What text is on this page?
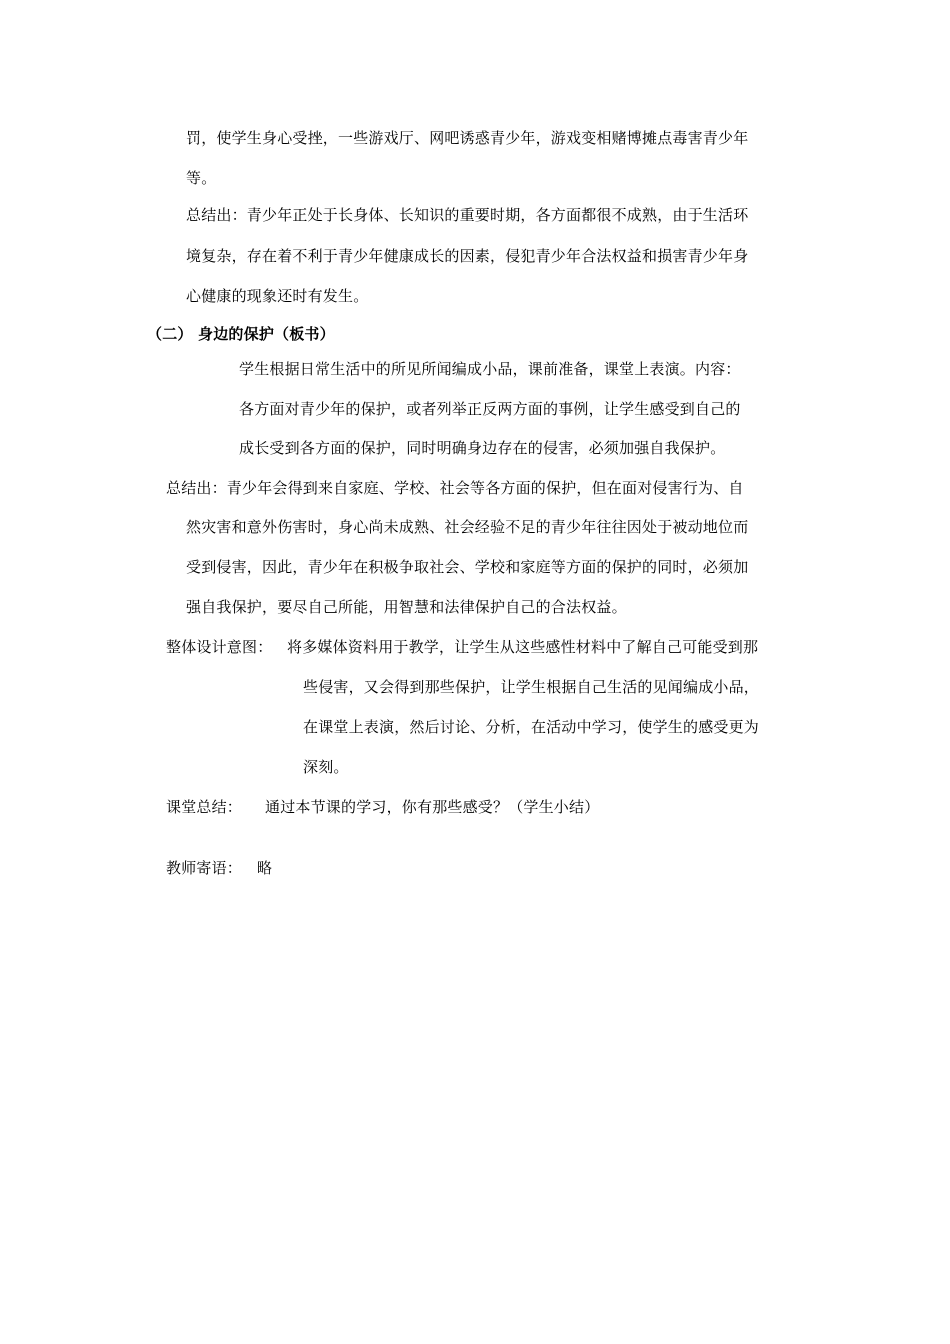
罚，使学生身心受挫，一些游戏厅、网吧诱惑青少年，游戏变相赌博摊点毒害青少年
等。
总结出：青少年正处于长身体、长知识的重要时期，各方面都很不成熟，由于生活环
境复杂，存在着不利于青少年健康成长的因素，侵犯青少年合法权益和损害青少年身
心健康的现象还时有发生。
（二） 身边的保护（板书）
学生根据日常生活中的所见所闻编成小品，课前准备，课堂上表演。内容：
各方面对青少年的保护，或者列举正反两方面的事例，让学生感受到自己的
成长受到各方面的保护，同时明确身边存在的侵害，必须加强自我保护。
总结出：青少年会得到来自家庭、学校、社会等各方面的保护，但在面对侵害行为、自
然灾害和意外伤害时，身心尚未成熟、社会经验不足的青少年往往因处于被动地位而
受到侵害，因此，青少年在积极争取社会、学校和家庭等方面的保护的同时，必须加
强自我保护，要尽自己所能，用智慧和法律保护自己的合法权益。
整体设计意图： 将多媒体资料用于教学，让学生从这些感性材料中了解自己可能受到那
些侵害，又会得到那些保护，让学生根据自己生活的见闻编成小品，
在课堂上表演，然后讨论、分析，在活动中学习，使学生的感受更为
深刻。
课堂总结： 通过本节课的学习，你有那些感受？（学生小结）
教师寄语： 略
